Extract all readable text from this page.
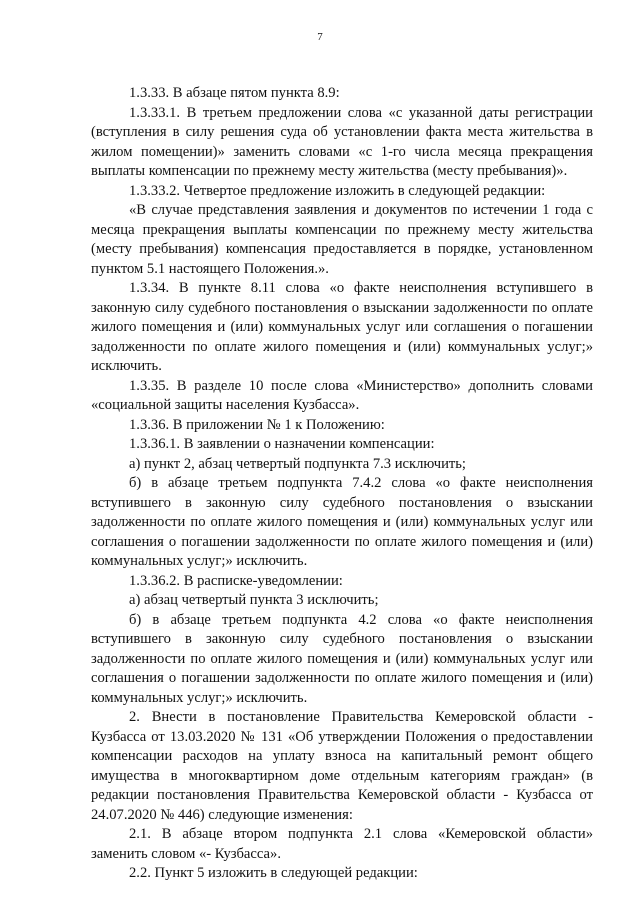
7

1.3.33. В абзаце пятом пункта 8.9:

1.3.33.1. В третьем предложении слова «с указанной даты регистрации (вступления в силу решения суда об установлении факта места жительства в жилом помещении)» заменить словами «с 1-го числа месяца прекращения выплаты компенсации по прежнему месту жительства (месту пребывания)».

1.3.33.2. Четвертое предложение изложить в следующей редакции:

«В случае представления заявления и документов по истечении 1 года с месяца прекращения выплаты компенсации по прежнему месту жительства (месту пребывания) компенсация предоставляется в порядке, установленном пунктом 5.1 настоящего Положения.».

1.3.34. В пункте 8.11 слова «о факте неисполнения вступившего в законную силу судебного постановления о взыскании задолженности по оплате жилого помещения и (или) коммунальных услуг или соглашения о погашении задолженности по оплате жилого помещения и (или) коммунальных услуг;» исключить.

1.3.35. В разделе 10 после слова «Министерство» дополнить словами «социальной защиты населения Кузбасса».

1.3.36. В приложении № 1 к Положению:

1.3.36.1. В заявлении о назначении компенсации:

а) пункт 2, абзац четвертый подпункта 7.3 исключить;

б) в абзаце третьем подпункта 7.4.2 слова «о факте неисполнения вступившего в законную силу судебного постановления о взыскании задолженности по оплате жилого помещения и (или) коммунальных услуг или соглашения о погашении задолженности по оплате жилого помещения и (или) коммунальных услуг;» исключить.

1.3.36.2. В расписке-уведомлении:

а) абзац четвертый пункта 3 исключить;

б) в абзаце третьем подпункта 4.2 слова «о факте неисполнения вступившего в законную силу судебного постановления о взыскании задолженности по оплате жилого помещения и (или) коммунальных услуг или соглашения о погашении задолженности по оплате жилого помещения и (или) коммунальных услуг;» исключить.

2. Внести в постановление Правительства Кемеровской области - Кузбасса от 13.03.2020 № 131 «Об утверждении Положения о предоставлении компенсации расходов на уплату взноса на капитальный ремонт общего имущества в многоквартирном доме отдельным категориям граждан» (в редакции постановления Правительства Кемеровской области - Кузбасса от 24.07.2020 № 446) следующие изменения:

2.1. В абзаце втором подпункта 2.1 слова «Кемеровской области» заменить словом «- Кузбасса».

2.2. Пункт 5 изложить в следующей редакции:
